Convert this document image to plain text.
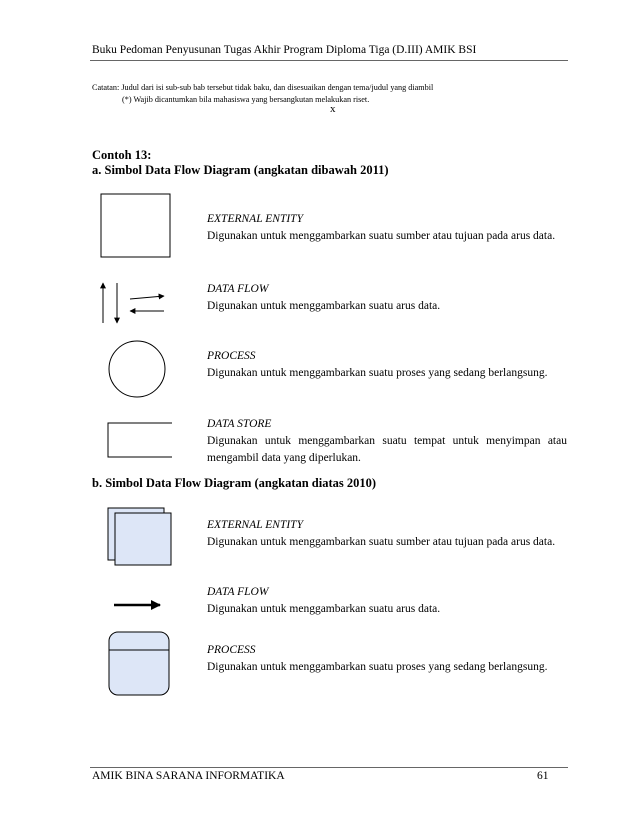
Buku Pedoman Penyusunan Tugas Akhir Program Diploma Tiga (D.III) AMIK BSI
Catatan: Judul dari isi sub-sub bab tersebut tidak baku, dan disesuaikan dengan tema/judul yang diambil
(*) Wajib dicantumkan bila mahasiswa yang bersangkutan melakukan riset.
x
Contoh 13:
a. Simbol Data Flow Diagram (angkatan dibawah 2011)
EXTERNAL ENTITY
Digunakan untuk menggambarkan suatu sumber atau tujuan pada arus data.
DATA FLOW
Digunakan untuk menggambarkan suatu arus data.
PROCESS
Digunakan untuk menggambarkan suatu proses yang sedang berlangsung.
DATA STORE
Digunakan untuk menggambarkan suatu tempat untuk menyimpan atau mengambil data yang diperlukan.
b. Simbol Data Flow Diagram (angkatan diatas 2010)
EXTERNAL ENTITY
Digunakan untuk menggambarkan suatu sumber atau tujuan pada arus data.
DATA FLOW
Digunakan untuk menggambarkan suatu arus data.
PROCESS
Digunakan untuk menggambarkan suatu proses yang sedang berlangsung.
AMIK BINA SARANA INFORMATIKA	61
